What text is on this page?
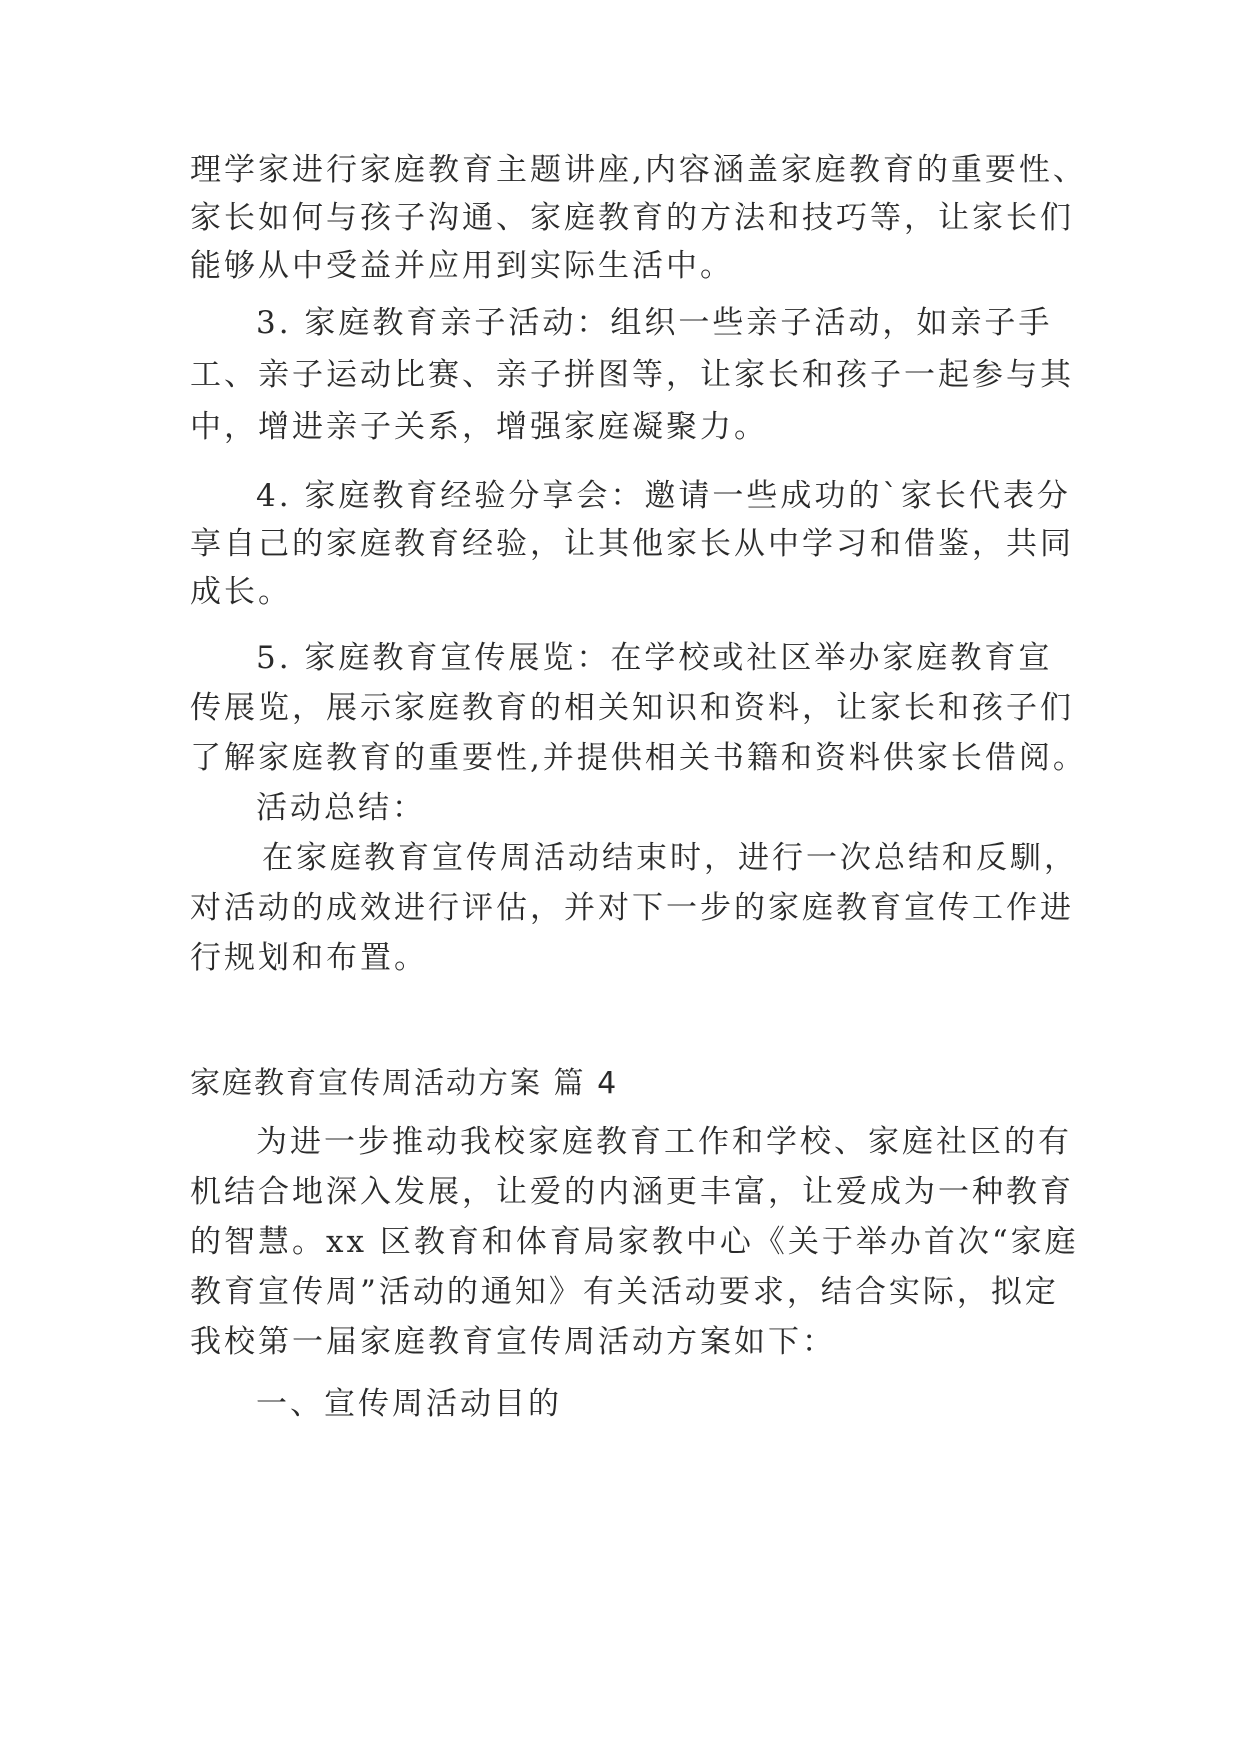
理学家进行家庭教育主题讲座,内容涵盖家庭教育的重要性、
家长如何与孩子沟通、家庭教育的方法和技巧等，让家长们
能够从中受益并应用到实际生活中。
3. 家庭教育亲子活动：组织一些亲子活动，如亲子手
工、亲子运动比赛、亲子拼图等，让家长和孩子一起参与其
中，增进亲子关系，增强家庭凝聚力。
4. 家庭教育经验分享会：邀请一些成功的`家长代表分
享自己的家庭教育经验，让其他家长从中学习和借鉴，共同
成长。
5. 家庭教育宣传展览：在学校或社区举办家庭教育宣
传展览，展示家庭教育的相关知识和资料，让家长和孩子们
了解家庭教育的重要性,并提供相关书籍和资料供家长借阅。
活动总结：
在家庭教育宣传周活动结束时，进行一次总结和反馴，
对活动的成效进行评估，并对下一步的家庭教育宣传工作进
行规划和布置。
家庭教育宣传周活动方案 篇 4
为进一步推动我校家庭教育工作和学校、家庭社区的有
机结合地深入发展，让爱的内涵更丰富，让爱成为一种教育
的智慧。xx 区教育和体育局家教中心《关于举办首次“家庭
教育宣传周”活动的通知》有关活动要求，结合实际，拟定
我校第一届家庭教育宣传周活动方案如下：
一、宣传周活动目的
